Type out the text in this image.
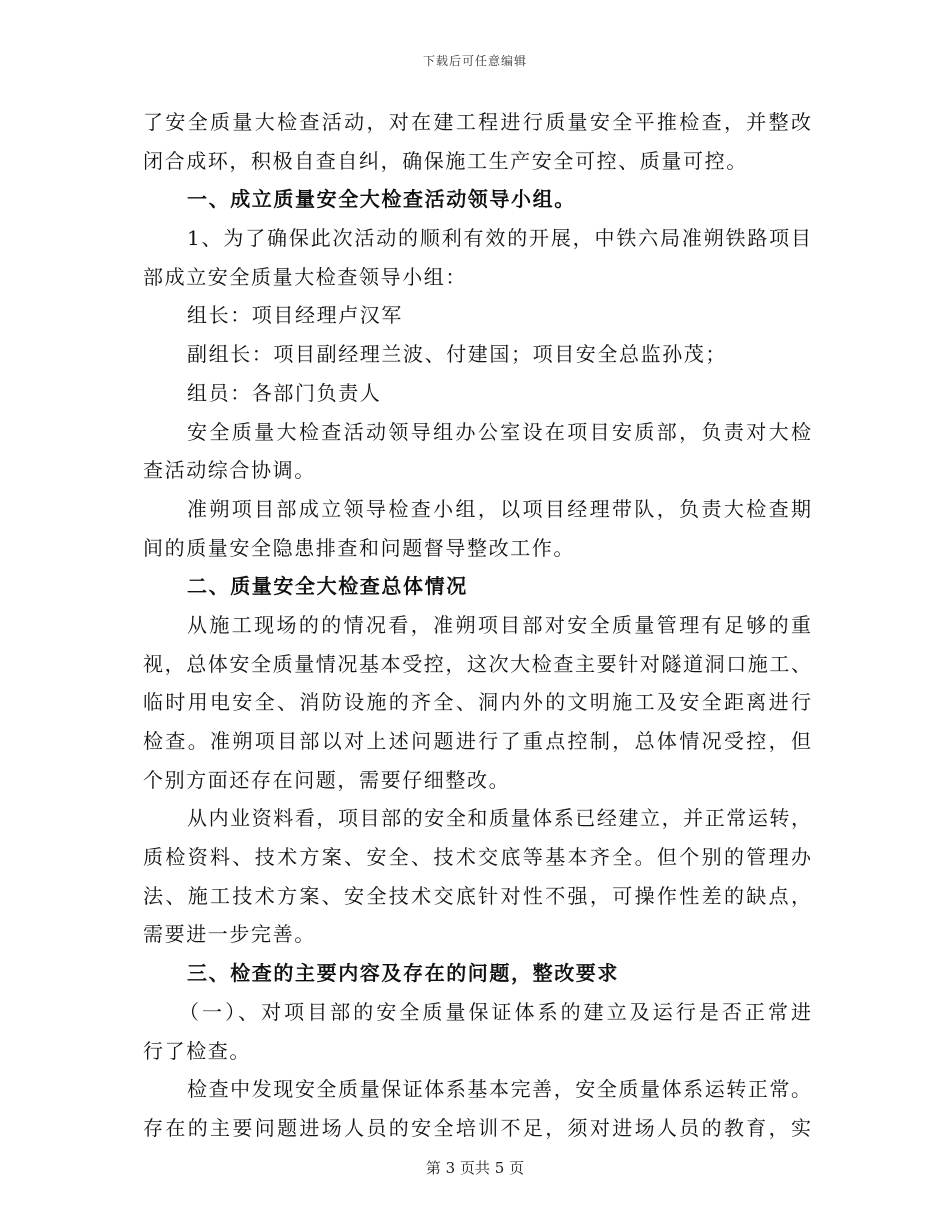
下载后可任意编辑
了安全质量大检查活动，对在建工程进行质量安全平推检查，并整改
闭合成环，积极自查自纠，确保施工生产安全可控、质量可控。
一、成立质量安全大检查活动领导小组。
1、为了确保此次活动的顺利有效的开展，中铁六局准朔铁路项目
部成立安全质量大检查领导小组：
组长：项目经理卢汉军
副组长：项目副经理兰波、付建国；项目安全总监孙茂；
组员：各部门负责人
安全质量大检查活动领导组办公室设在项目安质部，负责对大检
查活动综合协调。
准朔项目部成立领导检查小组，以项目经理带队，负责大检查期
间的质量安全隐患排查和问题督导整改工作。
二、质量安全大检查总体情况
从施工现场的的情况看，准朔项目部对安全质量管理有足够的重
视，总体安全质量情况基本受控，这次大检查主要针对隧道洞口施工、
临时用电安全、消防设施的齐全、洞内外的文明施工及安全距离进行
检查。准朔项目部以对上述问题进行了重点控制，总体情况受控，但
个别方面还存在问题，需要仔细整改。
从内业资料看，项目部的安全和质量体系已经建立，并正常运转，
质检资料、技术方案、安全、技术交底等基本齐全。但个别的管理办
法、施工技术方案、安全技术交底针对性不强，可操作性差的缺点，
需要进一步完善。
三、检查的主要内容及存在的问题，整改要求
（一）、对项目部的安全质量保证体系的建立及运行是否正常进
行了检查。
检查中发现安全质量保证体系基本完善，安全质量体系运转正常。
存在的主要问题进场人员的安全培训不足，须对进场人员的教育，实
第 3 页共 5 页
